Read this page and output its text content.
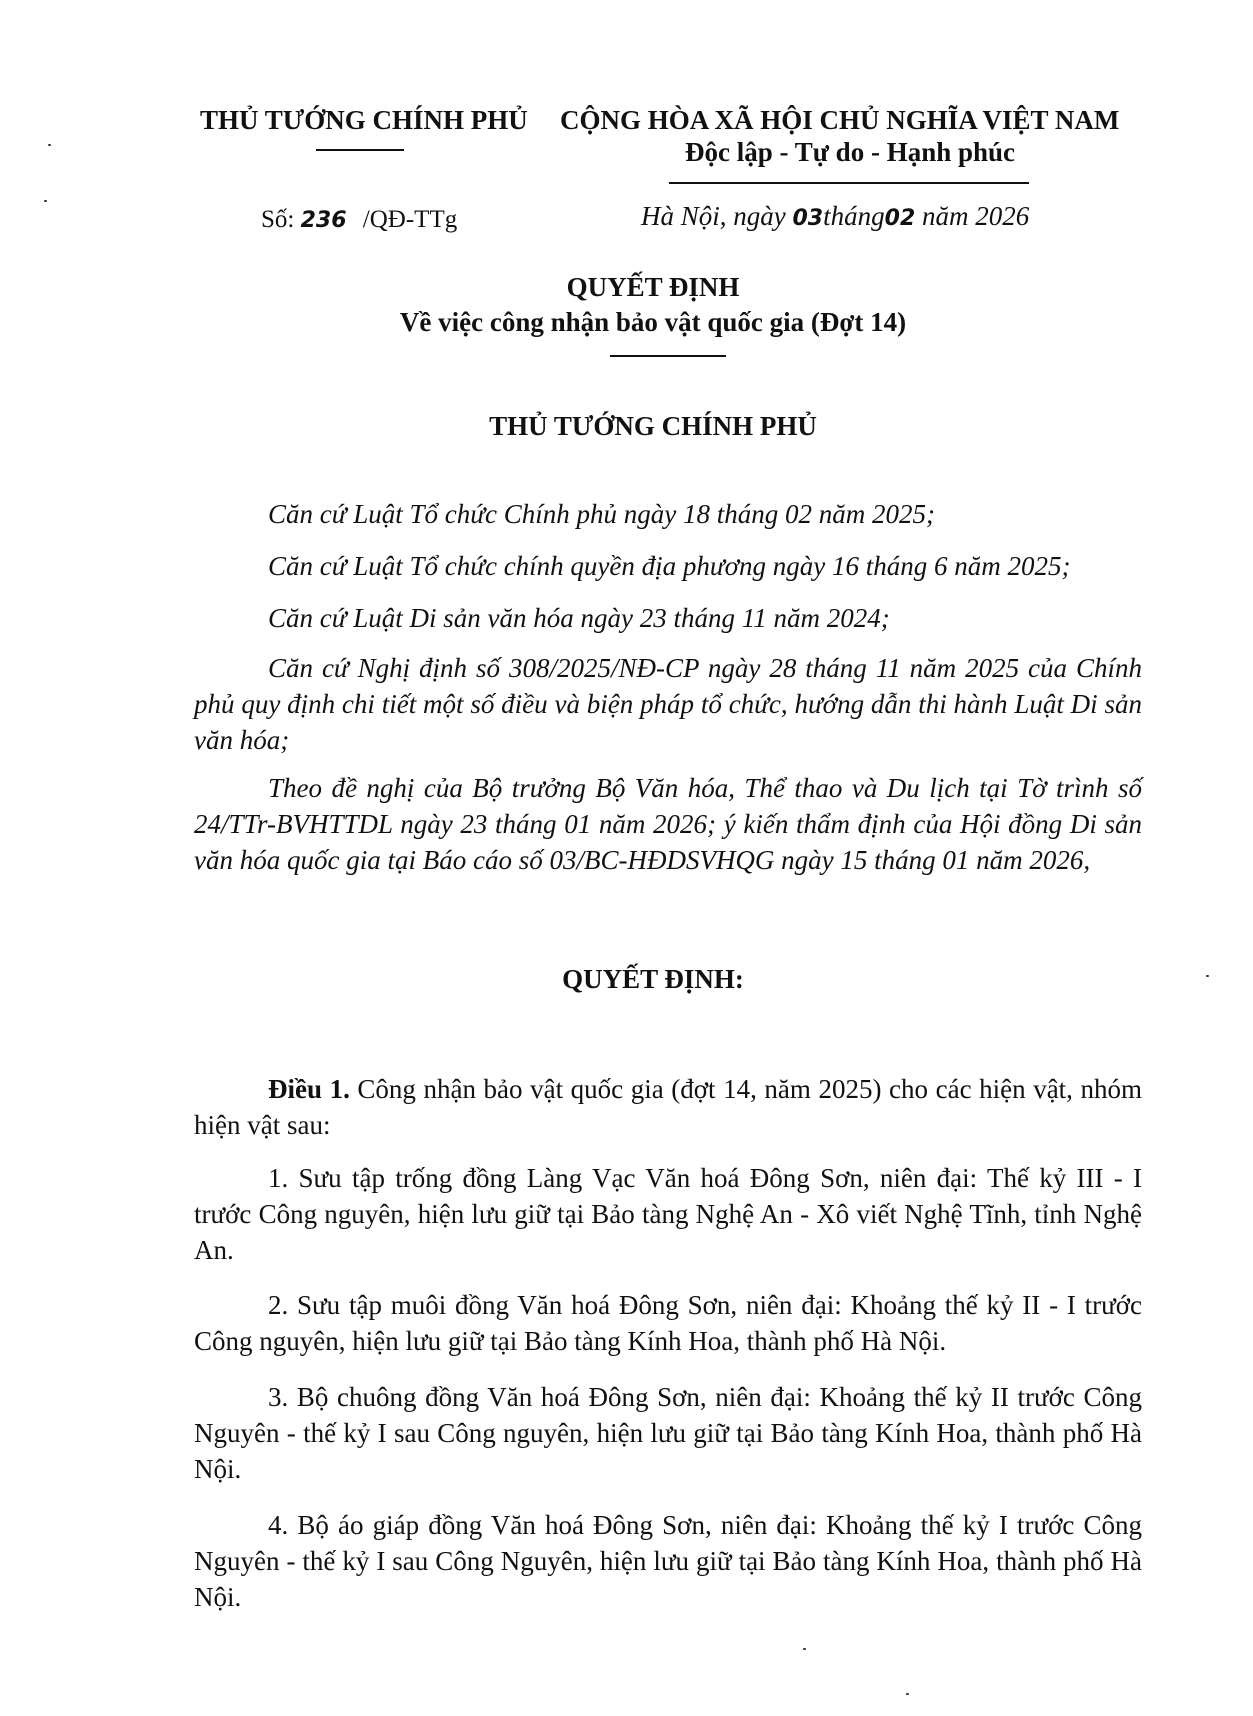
THỦ TƯỚNG CHÍNH PHỦ	CỘNG HÒA XÃ HỘI CHỦ NGHĨA VIỆT NAM
Độc lập - Tự do - Hạnh phúc
Số: 236 /QĐ-TTg	Hà Nội, ngày 03tháng02 năm 2026
QUYẾT ĐỊNH
Về việc công nhận bảo vật quốc gia (Đợt 14)
THỦ TƯỚNG CHÍNH PHỦ
Căn cứ Luật Tổ chức Chính phủ ngày 18 tháng 02 năm 2025;
Căn cứ Luật Tổ chức chính quyền địa phương ngày 16 tháng 6 năm 2025;
Căn cứ Luật Di sản văn hóa ngày 23 tháng 11 năm 2024;
Căn cứ Nghị định số 308/2025/NĐ-CP ngày 28 tháng 11 năm 2025 của Chính phủ quy định chi tiết một số điều và biện pháp tổ chức, hướng dẫn thi hành Luật Di sản văn hóa;
Theo đề nghị của Bộ trưởng Bộ Văn hóa, Thể thao và Du lịch tại Tờ trình số 24/TTr-BVHTTDL ngày 23 tháng 01 năm 2026; ý kiến thẩm định của Hội đồng Di sản văn hóa quốc gia tại Báo cáo số 03/BC-HĐDSVHQG ngày 15 tháng 01 năm 2026,
QUYẾT ĐỊNH:
Điều 1. Công nhận bảo vật quốc gia (đợt 14, năm 2025) cho các hiện vật, nhóm hiện vật sau:
1. Sưu tập trống đồng Làng Vạc Văn hoá Đông Sơn, niên đại: Thế kỷ III - I trước Công nguyên, hiện lưu giữ tại Bảo tàng Nghệ An - Xô viết Nghệ Tĩnh, tỉnh Nghệ An.
2. Sưu tập muôi đồng Văn hoá Đông Sơn, niên đại: Khoảng thế kỷ II - I trước Công nguyên, hiện lưu giữ tại Bảo tàng Kính Hoa, thành phố Hà Nội.
3. Bộ chuông đồng Văn hoá Đông Sơn, niên đại: Khoảng thế kỷ II trước Công Nguyên - thế kỷ I sau Công nguyên, hiện lưu giữ tại Bảo tàng Kính Hoa, thành phố Hà Nội.
4. Bộ áo giáp đồng Văn hoá Đông Sơn, niên đại: Khoảng thế kỷ I trước Công Nguyên - thế kỷ I sau Công Nguyên, hiện lưu giữ tại Bảo tàng Kính Hoa, thành phố Hà Nội.
